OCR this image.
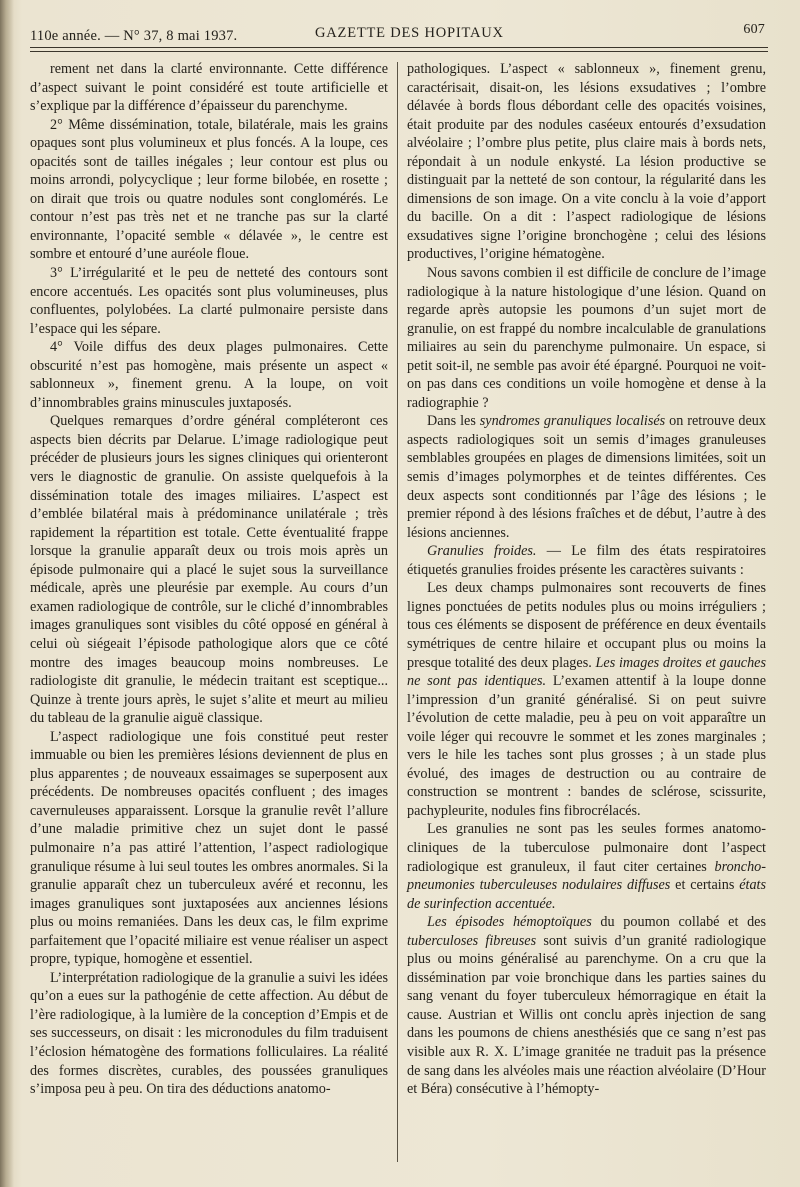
110e année. — N° 37, 8 mai 1937.	GAZETTE DES HOPITAUX	607

rement net dans la clarté environnante. Cette différence d’aspect suivant le point considéré est toute artificielle et s’explique par la différence d’épaisseur du parenchyme.

2° Même dissémination, totale, bilatérale, mais les grains opaques sont plus volumineux et plus foncés. A la loupe, ces opacités sont de tailles inégales ; leur contour est plus ou moins arrondi, polycyclique ; leur forme bilobée, en rosette ; on dirait que trois ou quatre nodules sont conglomérés. Le contour n’est pas très net et ne tranche pas sur la clarté environnante, l’opacité semble « délavée », le centre est sombre et entouré d’une auréole floue.

3° L’irrégularité et le peu de netteté des contours sont encore accentués. Les opacités sont plus volumineuses, plus confluentes, polylobées. La clarté pulmonaire persiste dans l’espace qui les sépare.

4° Voile diffus des deux plages pulmonaires. Cette obscurité n’est pas homogène, mais présente un aspect « sablonneux », finement grenu. A la loupe, on voit d’innombrables grains minuscules juxtaposés.

Quelques remarques d’ordre général compléteront ces aspects bien décrits par Delarue. L’image radiologique peut précéder de plusieurs jours les signes cliniques qui orienteront vers le diagnostic de granulie. On assiste quelquefois à la dissémination totale des images miliaires. L’aspect est d’emblée bilatéral mais à prédominance unilatérale ; très rapidement la répartition est totale. Cette éventualité frappe lorsque la granulie apparaît deux ou trois mois après un épisode pulmonaire qui a placé le sujet sous la surveillance médicale, après une pleurésie par exemple. Au cours d’un examen radiologique de contrôle, sur le cliché d’innombrables images granuliques sont visibles du côté opposé en général à celui où siégeait l’épisode pathologique alors que ce côté montre des images beaucoup moins nombreuses. Le radiologiste dit granulie, le médecin traitant est sceptique... Quinze à trente jours après, le sujet s’alite et meurt au milieu du tableau de la granulie aiguë classique.

L’aspect radiologique une fois constitué peut rester immuable ou bien les premières lésions deviennent de plus en plus apparentes ; de nouveaux essaimages se superposent aux précédents. De nombreuses opacités confluent ; des images cavernuleuses apparaissent. Lorsque la granulie revêt l’allure d’une maladie primitive chez un sujet dont le passé pulmonaire n’a pas attiré l’attention, l’aspect radiologique granulique résume à lui seul toutes les ombres anormales. Si la granulie apparaît chez un tuberculeux avéré et reconnu, les images granuliques sont juxtaposées aux anciennes lésions plus ou moins remaniées. Dans les deux cas, le film exprime parfaitement que l’opacité miliaire est venue réaliser un aspect propre, typique, homogène et essentiel.

L’interprétation radiologique de la granulie a suivi les idées qu’on a eues sur la pathogénie de cette affection. Au début de l’ère radiologique, à la lumière de la conception d’Empis et de ses successeurs, on disait : les micronodules du film traduisent l’éclosion hématogène des formations folliculaires. La réalité des formes discrètes, curables, des poussées granuliques s’imposa peu à peu. On tira des déductions anatomo-

pathologiques. L’aspect « sablonneux », finement grenu, caractérisait, disait-on, les lésions exsudatives ; l’ombre délavée à bords flous débordant celle des opacités voisines, était produite par des nodules caséeux entourés d’exsudation alvéolaire ; l’ombre plus petite, plus claire mais à bords nets, répondait à un nodule enkysté. La lésion productive se distinguait par la netteté de son contour, la régularité dans les dimensions de son image. On a vite conclu à la voie d’apport du bacille. On a dit : l’aspect radiologique de lésions exsudatives signe l’origine bronchogène ; celui des lésions productives, l’origine hématogène.

Nous savons combien il est difficile de conclure de l’image radiologique à la nature histologique d’une lésion. Quand on regarde après autopsie les poumons d’un sujet mort de granulie, on est frappé du nombre incalculable de granulations miliaires au sein du parenchyme pulmonaire. Un espace, si petit soit-il, ne semble pas avoir été épargné. Pourquoi ne voit-on pas dans ces conditions un voile homogène et dense à la radiographie ?

Dans les syndromes granuliques localisés on retrouve deux aspects radiologiques soit un semis d’images granuleuses semblables groupées en plages de dimensions limitées, soit un semis d’images polymorphes et de teintes différentes. Ces deux aspects sont conditionnés par l’âge des lésions ; le premier répond à des lésions fraîches et de début, l’autre à des lésions anciennes.

Granulies froides. — Le film des états respiratoires étiquetés granulies froides présente les caractères suivants :

Les deux champs pulmonaires sont recouverts de fines lignes ponctuées de petits nodules plus ou moins irréguliers ; tous ces éléments se disposent de préférence en deux éventails symétriques de centre hilaire et occupant plus ou moins la presque totalité des deux plages. Les images droites et gauches ne sont pas identiques. L’examen attentif à la loupe donne l’impression d’un granité généralisé. Si on peut suivre l’évolution de cette maladie, peu à peu on voit apparaître un voile léger qui recouvre le sommet et les zones marginales ; vers le hile les taches sont plus grosses ; à un stade plus évolué, des images de destruction ou au contraire de construction se montrent : bandes de sclérose, scissurite, pachypleurite, nodules fins fibrocrélacés.

Les granulies ne sont pas les seules formes anatomo-cliniques de la tuberculose pulmonaire dont l’aspect radiologique est granuleux, il faut citer certaines broncho-pneumonies tuberculeuses nodulaires diffuses et certains états de surinfection accentuée.

Les épisodes hémoptoïques du poumon collabé et des tuberculoses fibreuses sont suivis d’un granité radiologique plus ou moins généralisé au parenchyme. On a cru que la dissémination par voie bronchique dans les parties saines du sang venant du foyer tuberculeux hémorragique en était la cause. Austrian et Willis ont conclu après injection de sang dans les poumons de chiens anesthésiés que ce sang n’est pas visible aux R. X. L’image granitée ne traduit pas la présence de sang dans les alvéoles mais une réaction alvéolaire (D’Hour et Béra) consécutive à l’hémopty-
